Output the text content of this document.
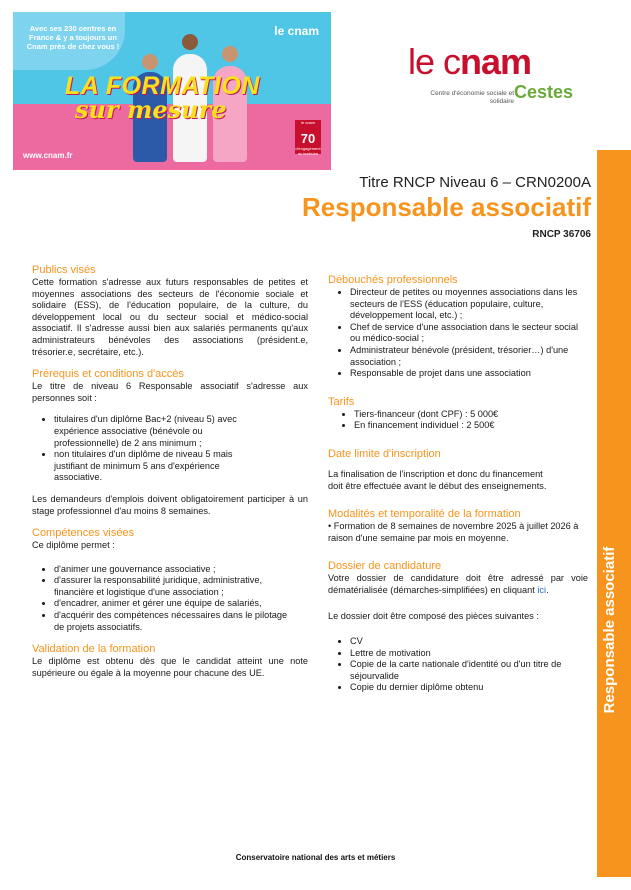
Avec ses 230 centres en France & y a toujours un Cnam près de chez vous !
le cnam
LA FORMATION
sur mesure
www.cnam.fr
le cnam
70
d'engagement au territoire
le cnam
Centre d'économie sociale et solidaire Cestes
Responsable associatif
Titre RNCP Niveau 6 – CRN0200A
Responsable associatif
RNCP 36706
Publics visés

Cette formation s'adresse aux futurs responsables de petites et moyennes associations des secteurs de l'économie sociale et solidaire (ESS), de l'éducation populaire, de la culture, du développement local ou du secteur social et médico-social associatif. Il s'adresse aussi bien aux salariés permanents qu'aux administrateurs bénévoles des associations (président.e, trésorier.e, secrétaire, etc.).

Prérequis et conditions d'accès

Le titre de niveau 6 Responsable associatif s'adresse aux personnes soit :

• titulaires d'un diplôme Bac+2 (niveau 5) avec expérience associative (bénévole ou professionnelle) de 2 ans minimum ;
• non titulaires d'un diplôme de niveau 5 mais justifiant de minimum 5 ans d'expérience associative.

Les demandeurs d'emplois doivent obligatoirement participer à un stage professionnel d'au moins 8 semaines.

Compétences visées

Ce diplôme permet :

• d'animer une gouvernance associative ;
• d'assurer la responsabilité juridique, administrative, financière et logistique d'une association ;
• d'encadrer, animer et gérer une équipe de salariés,
• d'acquérir des compétences nécessaires dans le pilotage de projets associatifs.
Validation de la formation

Le diplôme est obtenu dès que le candidat atteint une note supérieure ou égale à la moyenne pour chacune des UE.

Débouchés professionnels
• Directeur de petites ou moyennes associations dans les secteurs de l'ESS (éducation populaire, culture, développement local, etc.) ;
• Chef de service d'une association dans le secteur social ou médico-social ;
• Administrateur bénévole (président, trésorier…) d'une association ;
• Responsable de projet dans une association
Tarifs
• Tiers-financeur (dont CPF) : 5 000€
• En financement individuel : 2 500€
Date limite d'inscription

La finalisation de l'inscription et donc du financement doit être effectuée avant le début des enseignements.

Modalités et temporalité de la formation
• Formation de 8 semaines de novembre 2025 à juillet 2026 à raison d'une semaine par mois en moyenne.
Dossier de candidature

Votre dossier de candidature doit être adressé par voie dématérialisée (démarches-simplifiées) en cliquant ici.

Le dossier doit être composé des pièces suivantes :

• CV
• Lettre de motivation
• Copie de la carte nationale d'identité ou d'un titre de séjourvalide
• Copie du dernier diplôme obtenu
Conservatoire national des arts et métiers
